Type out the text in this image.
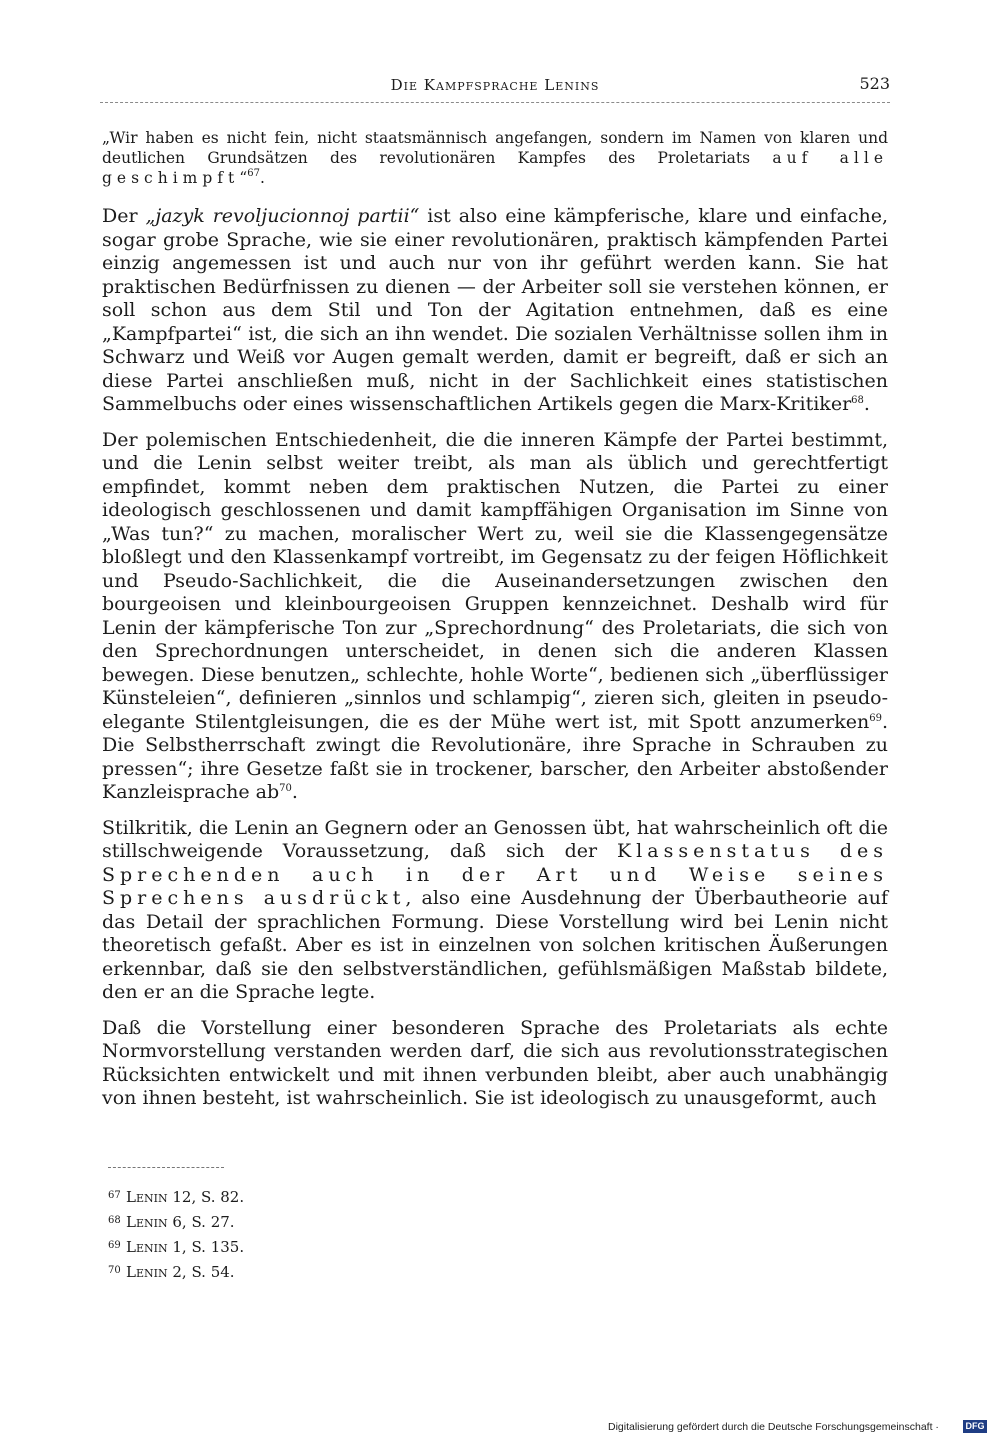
Die Kampfsprache Lenins	523

„Wir haben es nicht fein, nicht staatsmännisch angefangen, sondern im Namen von klaren und deutlichen Grundsätzen des revolutionären Kampfes des Proletariats auf alle geschimpft“$^{67}$.

Der „jazyk revoljucionnoj partii“ ist also eine kämpferische, klare und einfache, sogar grobe Sprache, wie sie einer revolutionären, praktisch kämpfenden Partei einzig angemessen ist und auch nur von ihr geführt werden kann. Sie hat praktischen Bedürfnissen zu dienen — der Arbeiter soll sie verstehen können, er soll schon aus dem Stil und Ton der Agitation entnehmen, daß es eine „Kampfpartei“ ist, die sich an ihn wendet. Die sozialen Verhältnisse sollen ihm in Schwarz und Weiß vor Augen gemalt werden, damit er begreift, daß er sich an diese Partei anschließen muß, nicht in der Sachlichkeit eines statistischen Sammelbuchs oder eines wissenschaftlichen Artikels gegen die Marx-Kritiker$^{68}$.

Der polemischen Entschiedenheit, die die inneren Kämpfe der Partei bestimmt, und die Lenin selbst weiter treibt, als man als üblich und gerechtfertigt empfindet, kommt neben dem praktischen Nutzen, die Partei zu einer ideologisch geschlossenen und damit kampffähigen Organisation im Sinne von „Was tun?“ zu machen, moralischer Wert zu, weil sie die Klassengegensätze bloßlegt und den Klassenkampf vortreibt, im Gegensatz zu der feigen Höflichkeit und Pseudo-Sachlichkeit, die die Auseinandersetzungen zwischen den bourgeoisen und kleinbourgeoisen Gruppen kennzeichnet. Deshalb wird für Lenin der kämpferische Ton zur „Sprechordnung“ des Proletariats, die sich von den Sprechordnungen unterscheidet, in denen sich die anderen Klassen bewegen. Diese benutzen„ schlechte, hohle Worte“, bedienen sich „überflüssiger Künsteleien“, definieren „sinnlos und schlampig“, zieren sich, gleiten in pseudo-elegante Stilentgleisungen, die es der Mühe wert ist, mit Spott anzumerken$^{69}$. Die Selbstherrschaft zwingt die Revolutionäre, ihre Sprache in Schrauben zu pressen“; ihre Gesetze faßt sie in trockener, barscher, den Arbeiter abstoßender Kanzleisprache $ab^{70}$.

Stilkritik, die Lenin an Gegnern oder an Genossen übt, hat wahrscheinlich oft die stillschweigende Voraussetzung, daß sich der Klassenstatus des Sprechenden auch in der Art und Weise seines Sprechens ausdrückt, also eine Ausdehnung der Überbautheorie auf das Detail der sprachlichen Formung. Diese Vorstellung wird bei Lenin nicht theoretisch gefaßt. Aber es ist in einzelnen von solchen kritischen Äußerungen erkennbar, daß sie den selbstverständlichen, gefühlsmäßigen Maßstab bildete, den er an die Sprache legte.

Daß die Vorstellung einer besonderen Sprache des Proletariats als echte Normvorstellung verstanden werden darf, die sich aus revolutionsstrategischen Rücksichten entwickelt und mit ihnen verbunden bleibt, aber auch unabhängig von ihnen besteht, ist wahrscheinlich. Sie ist ideologisch zu unausgeformt, auch

67 Lenin 12, S. 82.
68 Lenin 6, S. 27.
69 Lenin 1, S. 135.
70 Lenin 2, S. 54.
Digitalisierung gefördert durch die Deutsche Forschungsgemeinschaft ·	DFG
